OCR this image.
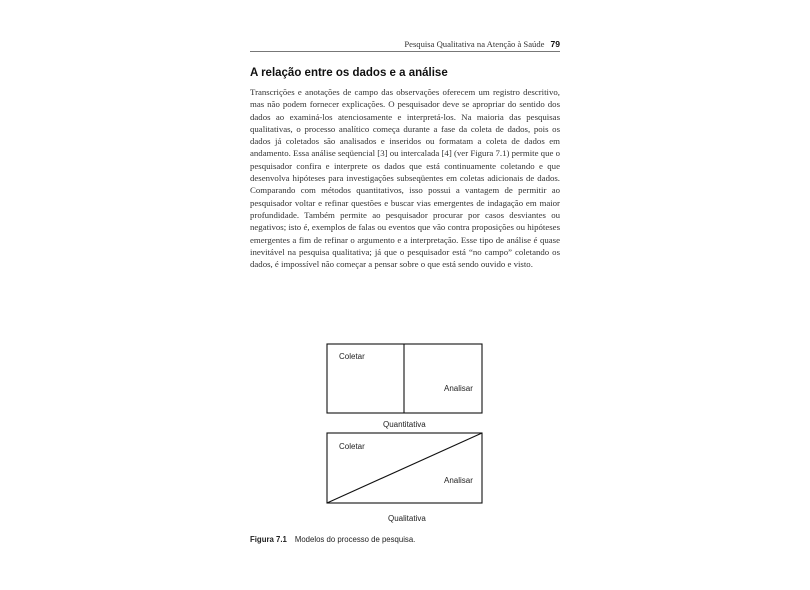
Pesquisa Qualitativa na Atenção à Saúde 79
A relação entre os dados e a análise

Transcrições e anotações de campo das observações oferecem um registro descritivo, mas não podem fornecer explicações. O pesquisador deve se apropriar do sentido dos dados ao examiná-los atenciosamente e interpretá-los. Na maioria das pesquisas qualitativas, o processo analítico começa durante a fase da coleta de dados, pois os dados já coletados são analisados e inseridos ou formatam a coleta de dados em andamento. Essa análise seqüencial [3] ou intercalada [4] (ver Figura 7.1) permite que o pesquisador confira e interprete os dados que está continuamente coletando e que desenvolva hipóteses para investigações subseqüentes em coletas adicionais de dados. Comparando com métodos quantitativos, isso possui a vantagem de permitir ao pesquisador voltar e refinar questões e buscar vias emergentes de indagação em maior profundidade. Também permite ao pesquisador procurar por casos desviantes ou negativos; isto é, exemplos de falas ou eventos que vão contra proposições ou hipóteses emergentes a fim de refinar o argumento e a interpretação. Esse tipo de análise é quase inevitável na pesquisa qualitativa; já que o pesquisador está “no campo” coletando os dados, é impossível não começar a pensar sobre o que está sendo ouvido e visto.

Coletar
Analisar
Quantitativa
Coletar
Analisar
Qualitativa

Figura 7.1 Modelos do processo de pesquisa.
